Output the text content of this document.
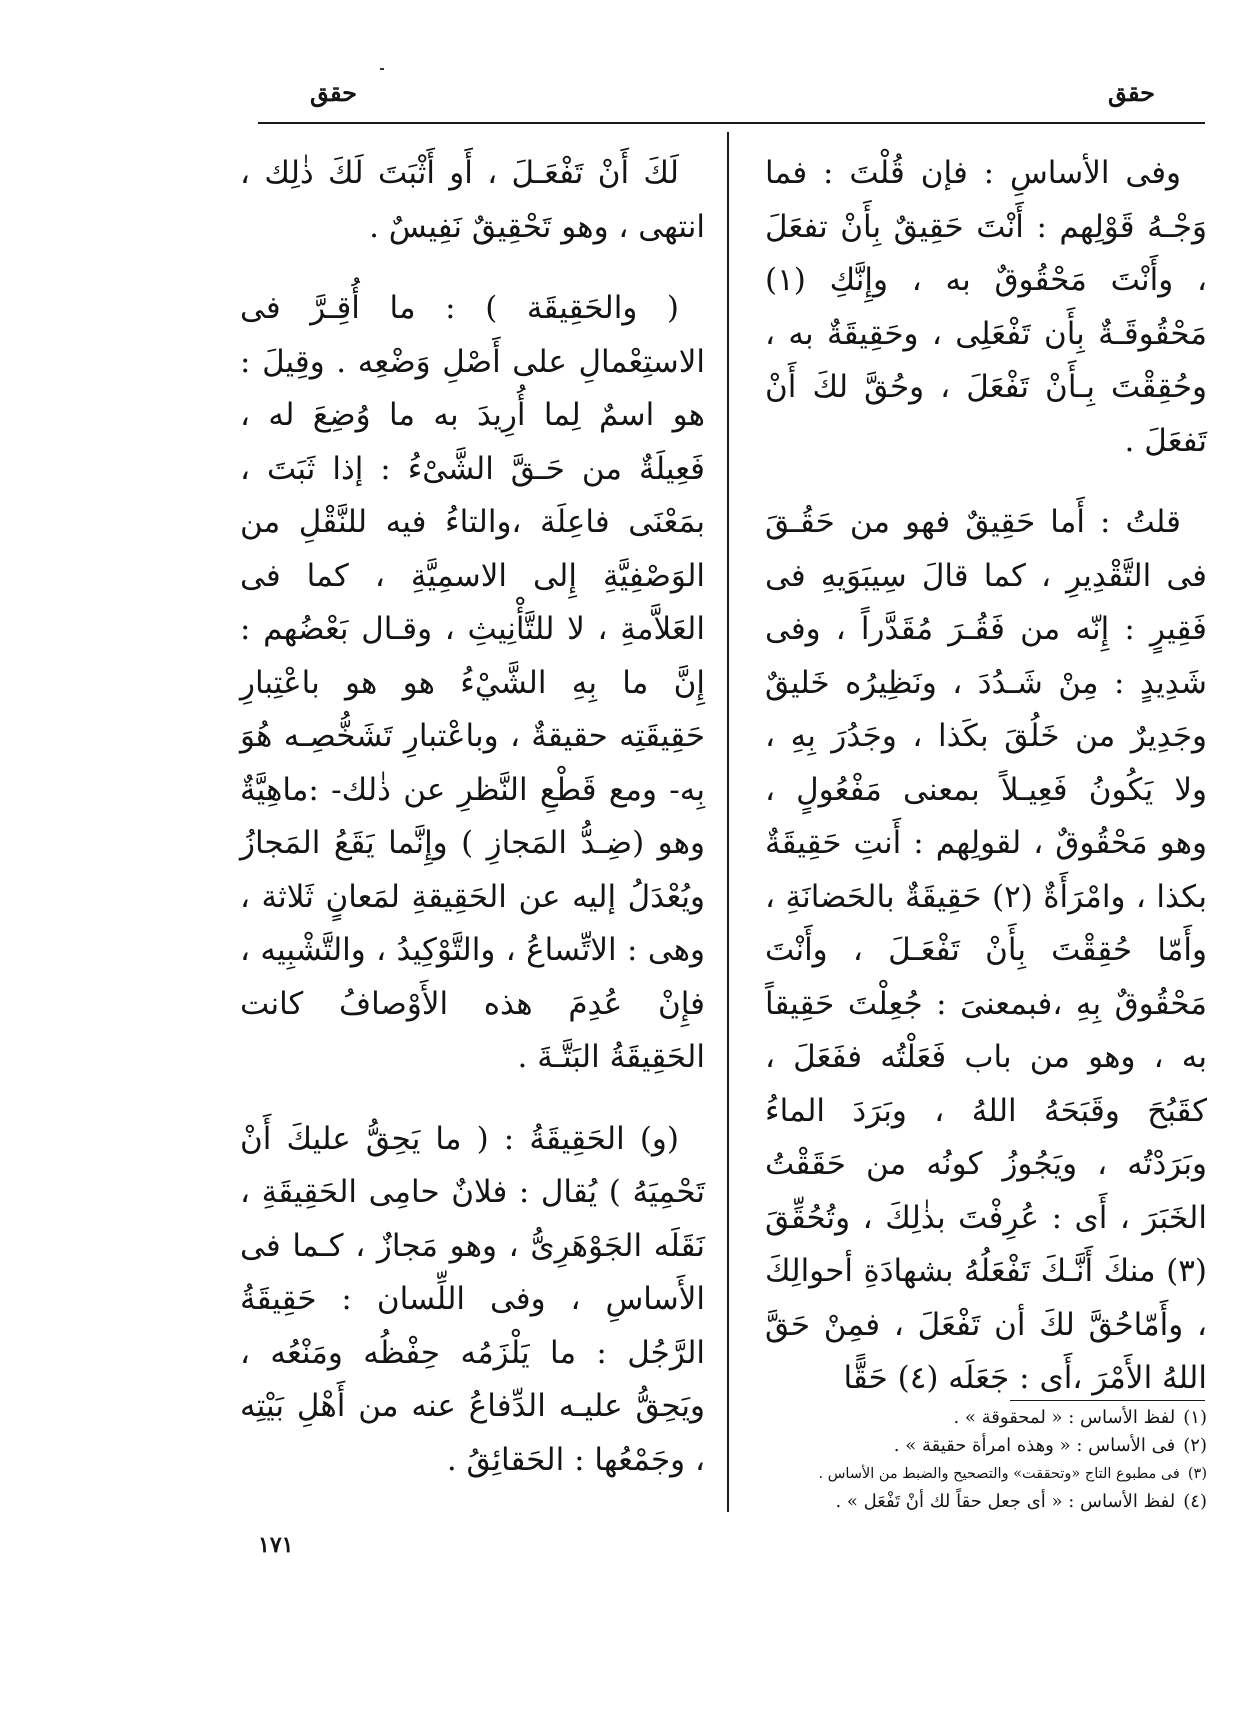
حقق
حقق

وفى الأساسِ : فإن قُلْتَ : فما وَجْـهُ قَوْلِهم : أَنْتَ حَقِيقٌ بِأَنْ تفعَلَ ، وأَنْتَ مَحْقُوقٌ به ، وإِنَّكِ (١) مَحْقُوقَـةٌ بِأَن تَفْعَلِى ، وحَقِيقَةٌ به ، وحُقِقْتَ بِـأَنْ تَفْعَلَ ، وحُقَّ لكَ أَنْ تَفعَلَ .

قلتُ : أَما حَقِيقٌ فهو من حَقُـقَ فى التَّقْدِيرِ ، كما قالَ سِيبَوَيهِ فى فَقِيرٍ : إِنّه من فَقُـرَ مُقَدَّراً ، وفى شَدِيدٍ : مِنْ شَـدُدَ ، ونَظِيرُه خَليقٌ وجَدِيرٌ من خَلُقَ بكَذا ، وجَدُرَ بِهِ ، ولا يَكُونُ فَعِيـلاً بمعنى مَفْعُولٍ ، وهو مَحْقُوقٌ ، لقولِهم : أَنتِ حَقِيقَةٌ بكذا ، وامْرَأَةٌ (٢) حَقِيقَةٌ بالحَضانَةِ ، وأَمّا حُقِقْتَ بِأَنْ تَفْعَـلَ ، وأَنْتَ مَحْقُوقٌ بِهِ ،فبمعنىَ : جُعِلْتَ حَقِيقاً به ، وهو من باب فَعَلْتُه ففَعَلَ ، كقَبُحَ وقَبَحَهُ اللهُ ، وبَرَدَ الماءُ وبَرَدْتُه ، ويَجُوزُ كونُه من حَقَقْتُ الخَبَرَ ، أَى : عُرِفْتَ بذٰلِكَ ، وتُحُقِّقَ (٣) منكَ أَنَّـكَ تَفْعَلُهُ بشهادَةِ أحوالِكَ ، وأَمّاحُقَّ لكَ أن تَفْعَلَ ، فمِنْ حَقَّ اللهُ الأَمْرَ ،أَى : جَعَلَه (٤) حَقًّا

لَكَ أَنْ تَفْعَـلَ ، أَو أَثْبَتَ لَكَ ذٰلِك ، انتهى ، وهو تَحْقِيقٌ نَفِيسٌ .

( والحَقِيقَة ) : ما أُقِـرَّ فى الاستِعْمالِ على أَصْلِ وَضْعِه . وقِيلَ : هو اسمٌ لِما أُرِيدَ به ما وُضِعَ له ، فَعِيلَةٌ من حَـقَّ الشَّىْءُ : إذا ثَبَتَ ، بمَعْنَى فاعِلَة ،والتاءُ فيه للنَّقْلِ من الوَصْفِيَّةِ إِلى الاسمِيَّةِ ، كما فى العَلاَّمةِ ، لا للتَّأْنِيثِ ، وقـال بَعْضُهم : إِنَّ ما بِهِ الشَّيْءُ هو هو باعْتِبارِ حَقِيقَتِه حقيقةٌ ، وباعْتبارِ تَشَخُّصِـه هُوَ بِه- ومع قَطْعِ النَّظرِ عن ذٰلك- :ماهِيَّةٌ وهو (ضِـدُّ المَجازِ ) وإِنَّما يَقَعُ المَجازُ ويُعْدَلُ إليه عن الحَقِيقةِ لمَعانٍ ثَلاثة ، وهى : الاتِّساعُ ، والتَّوْكِيدُ ، والتَّشْبِيه ، فإِنْ عُدِمَ هذه الأَوْصافُ كانت الحَقِيقَةُ البَتَّـةَ .

(و) الحَقِيقَةُ : ( ما يَحِقُّ عليكَ أَنْ تَحْمِيَهُ ) يُقال : فلانٌ حامِى الحَقِيقَةِ ، نَقَلَه الجَوْهَرِىُّ ، وهو مَجازٌ ، كـما فى الأَساسِ ، وفى اللِّسان : حَقِيقَةُ الرَّجُل : ما يَلْزَمُه حِفْظُه ومَنْعُه ، ويَحِقُّ عليـه الدِّفاعُ عنه من أَهْلِ بَيْتِه ، وجَمْعُها : الحَقائِقُ .

(١)لفظ الأساس : « لمحقوقة » .
(٢)فى الأساس : « وهذه امرأة حقيقة » .
(٣)فى مطبوع التاج «وتحققت» والتصحيح والضبط من الأساس .
(٤)لفظ الأساس : « أى جعل حقاً لك أنْ تَفْعَل » .
١٧١
